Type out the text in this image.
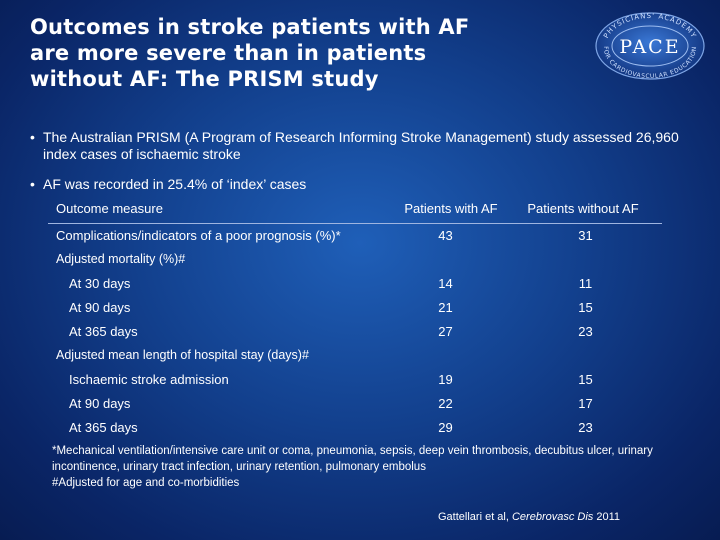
Outcomes in stroke patients with AF
are more severe than in patients
without AF: The PRISM study
PHYSICIANS' ACADEMY
FOR CARDIOVASCULAR EDUCATION
PACE
• The Australian PRISM (A Program of Research Informing Stroke Management) study assessed 26,960 index cases of ischaemic stroke
• AF was recorded in 25.4% of ‘index’ cases
Outcome measure	Patients with AF	Patients without AF
Complications/indicators of a poor prognosis (%)*	43	31
Adjusted mortality (%)#
At 30 days	14	11
At 90 days	21	15
At 365 days	27	23
Adjusted mean length of hospital stay (days)#
Ischaemic stroke admission	19	15
At 90 days	22	17
At 365 days	29	23
*Mechanical ventilation/intensive care unit or coma, pneumonia, sepsis, deep vein thrombosis, decubitus ulcer, urinary incontinence, urinary tract infection, urinary retention, pulmonary embolus
#Adjusted for age and co-morbidities
Gattellari et al, Cerebrovasc Dis 2011
